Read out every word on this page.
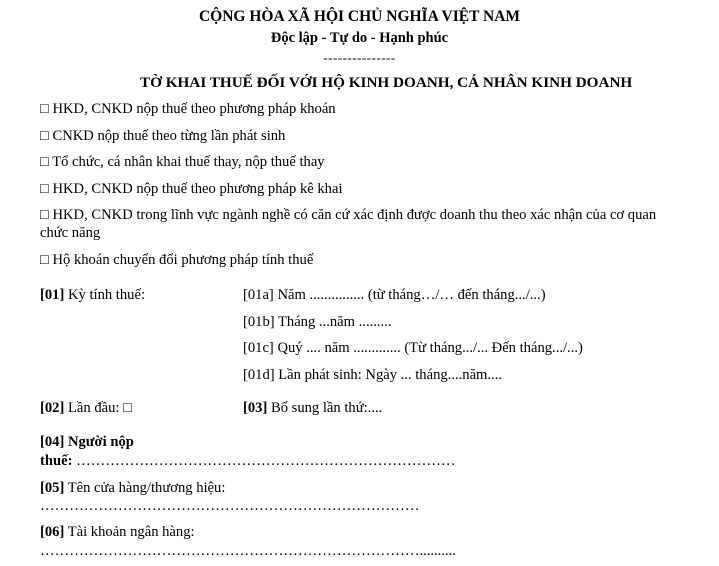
CỘNG HÒA XÃ HỘI CHỦ NGHĨA VIỆT NAM
Độc lập - Tự do - Hạnh phúc
---------------
TỜ KHAI THUẾ ĐỐI VỚI HỘ KINH DOANH, CÁ NHÂN KINH DOANH
□ HKD, CNKD nộp thuế theo phương pháp khoán
□ CNKD nộp thuế theo từng lần phát sinh
□ Tổ chức, cá nhân khai thuế thay, nộp thuế thay
□ HKD, CNKD nộp thuế theo phương pháp kê khai
□ HKD, CNKD trong lĩnh vực ngành nghề có căn cứ xác định được doanh thu theo xác nhận của cơ quan chức năng
□ Hộ khoán chuyển đổi phương pháp tính thuế
[01] Kỳ tính thuế:	[01a] Năm ............... (từ tháng…/… đến tháng.../...)
[01b] Tháng ...năm .........
[01c] Quý .... năm ............. (Từ tháng.../... Đến tháng.../...)
[01d] Lần phát sinh: Ngày ... tháng....năm....
[02] Lần đầu: □	[03] Bổ sung lần thứ:....
[04] Người nộp
thuế: ……………………………………………………………………
[05] Tên cửa hàng/thương hiệu:
……………………………………………………………………
[06] Tài khoản ngân hàng:
……………………………………………………………………..........
